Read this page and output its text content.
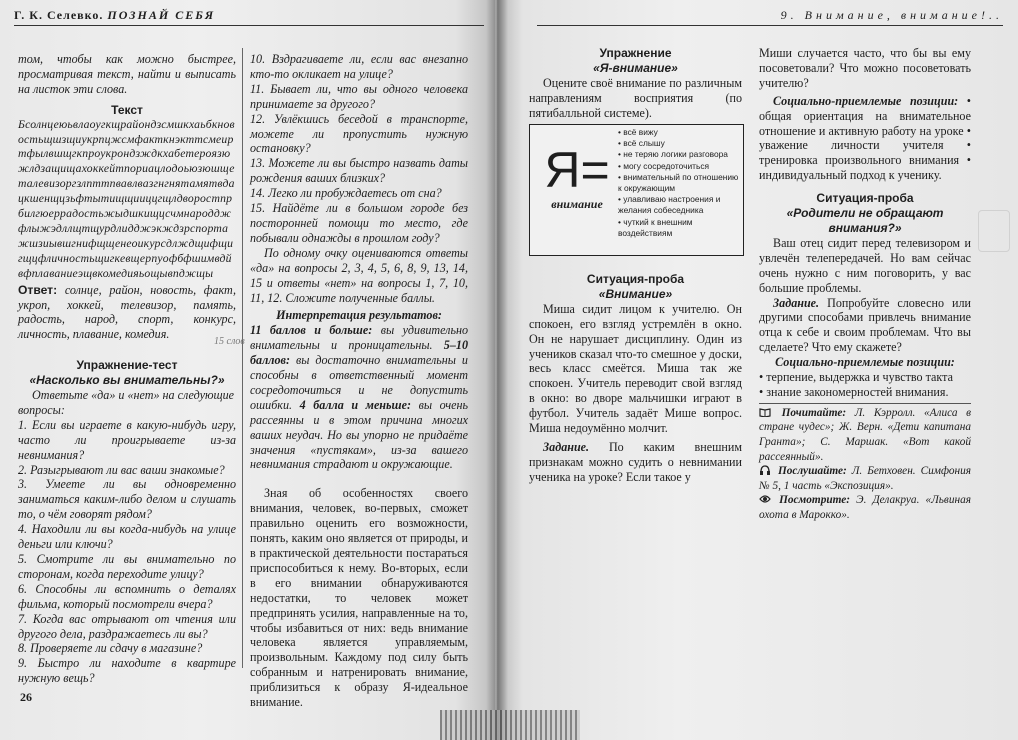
Г. К. Селевко. ПОЗНАЙ СЕБЯ

том, чтобы как можно быстрее, просматривая текст, найти и выписать на листок эти слова.

Текст

Бсолнцеюьвлаоугкщрайондзсмшкхаьбкновостьщшзщиукрпцжсмфакткнэкттсмеиртфылвшщгкпроукрондзждкхабетероязюжлдзащищахоккейтпориацлодоьюзюшщеталевизоргзлпттпвавлвазгнгнятамятвдацкшенщцзьфтытищщииццгщлдворостпрбилгюеррадостьжыдшкищцсчмнародджфлыжэдллщтщурдлидджэкждзрспортажшзиывшгнифщщенеоикурсдлждщифщигщцфличностьщигкевщерпуофбфшимвдйвфплаваниеэщвкомедияьощывпджщы

Ответ: солнце, район, новость, факт, укроп, хоккей, телевизор, память, радость, народ, спорт, конкурс, личность, плавание, комедия.

Упражнение-тест

«Насколько вы внимательны?»

Ответьте «да» и «нет» на следующие вопросы:

1. Если вы играете в какую-нибудь игру, часто ли проигрываете из-за невнимания?

2. Разыгрывают ли вас ваши знакомые?

3. Умеете ли вы одновременно заниматься каким-либо делом и слушать то, о чём говорят рядом?

4. Находили ли вы когда-нибудь на улице деньги или ключи?

5. Смотрите ли вы внимательно по сторонам, когда переходите улицу?

6. Способны ли вспомнить о деталях фильма, который посмотрели вчера?

7. Когда вас отрывают от чтения или другого дела, раздражаетесь ли вы?

8. Проверяете ли сдачу в магазине?

9. Быстро ли находите в квартире нужную вещь?

10. Вздрагиваете ли, если вас внезапно кто-то окликает на улице?

11. Бывает ли, что вы одного человека принимаете за другого?

12. Увлёкшись беседой в транспорте, можете ли пропустить нужную остановку?

13. Можете ли вы быстро назвать даты рождения ваших близких?

14. Легко ли пробуждаетесь от сна?

15. Найдёте ли в большом городе без посторонней помощи то место, где побывали однажды в прошлом году?

По одному очку оцениваются ответы «да» на вопросы 2, 3, 4, 5, 6, 8, 9, 13, 14, 15 и ответы «нет» на вопросы 1, 7, 10, 11, 12. Сложите полученные баллы.

Интерпретация результатов:

11 баллов и больше: вы удивительно внимательны и проницательны. 5–10 баллов: вы достаточно внимательны и способны в ответственный момент сосредоточиться и не допустить ошибки. 4 балла и меньше: вы очень рассеянны и в этом причина многих ваших неудач. Но вы упорно не придаёте значения «пустякам», из-за вашего невнимания страдают и окружающие.

Зная об особенностях своего внимания, человек, во-первых, сможет правильно оценить его возможности, понять, каким оно является от природы, и в практической деятельности постараться приспособиться к нему. Во-вторых, если в его внимании обнаруживаются недостатки, то человек может предпринять усилия, направленные на то, чтобы избавиться от них: ведь внимание человека является управляемым, произвольным. Каждому под силу быть собранным и натренировать внимание, приблизиться к образу Я-идеальное внимание.

15 слов
26
9. Внимание, внимание!..

Упражнение

«Я-внимание»

Оцените своё внимание по различным направлениям восприятия (по пятибалльной системе).

Я=
внимание
• всё вижу
• всё слышу
• не теряю логики разговора
• могу сосредоточиться
• внимательный по отношению к окружающим
• улавливаю настроения и желания собеседника
• чуткий к внешним воздействиям

Ситуация-проба

«Внимание»

Миша сидит лицом к учителю. Он спокоен, его взгляд устремлён в окно. Он не нарушает дисциплину. Один из учеников сказал что-то смешное у доски, весь класс смеётся. Миша так же спокоен. Учитель переводит свой взгляд в окно: во дворе мальчишки играют в футбол. Учитель задаёт Мише вопрос. Миша недоумённо молчит.

Задание. По каким внешним признакам можно судить о невнимании ученика на уроке? Если такое у

Миши случается часто, что бы вы ему посоветовали? Что можно посоветовать учителю?

Социально-приемлемые позиции: • общая ориентация на внимательное отношение и активную работу на уроке • уважение личности учителя • тренировка произвольного внимания • индивидуальный подход к ученику.

Ситуация-проба

«Родители не обращают внимания?»

Ваш отец сидит перед телевизором и увлечён телепередачей. Но вам сейчас очень нужно с ним поговорить, у вас большие проблемы.

Задание. Попробуйте словесно или другими способами привлечь внимание отца к себе и своим проблемам. Что вы сделаете? Что ему скажете?

Социально-приемлемые позиции:

• терпение, выдержка и чувство такта

• знание закономерностей внимания.

Почитайте: Л. Кэрролл. «Алиса в стране чудес»; Ж. Верн. «Дети капитана Гранта»; С. Маршак. «Вот какой рассеянный».

Послушайте: Л. Бетховен. Симфония № 5, 1 часть «Экспозиция».

Посмотрите: Э. Делакруа. «Львиная охота в Марокко».
